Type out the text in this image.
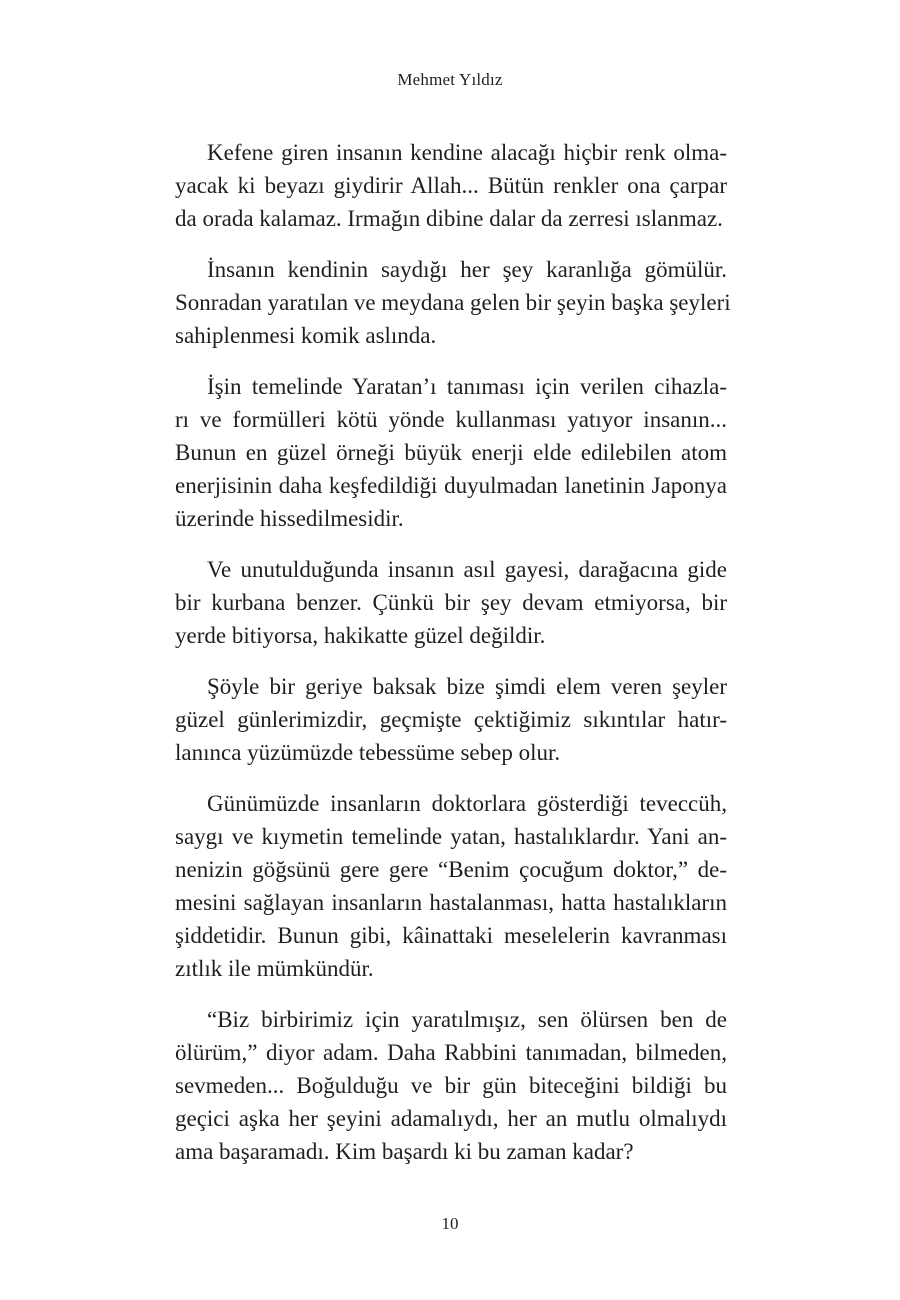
Mehmet Yıldız

Kefene giren insanın kendine alacağı hiçbir renk olma-
yacak ki beyazı giydirir Allah... Bütün renkler ona çarpar
da orada kalamaz. Irmağın dibine dalar da zerresi ıslanmaz.

İnsanın kendinin saydığı her şey karanlığa gömülür.
Sonradan yaratılan ve meydana gelen bir şeyin başka şeyleri
sahiplenmesi komik aslında.

İşin temelinde Yaratan’ı tanıması için verilen cihazla-
rı ve formülleri kötü yönde kullanması yatıyor insanın...
Bunun en güzel örneği büyük enerji elde edilebilen atom
enerjisinin daha keşfedildiği duyulmadan lanetinin Japonya
üzerinde hissedilmesidir.

Ve unutulduğunda insanın asıl gayesi, darağacına gide
bir kurbana benzer. Çünkü bir şey devam etmiyorsa, bir
yerde bitiyorsa, hakikatte güzel değildir.

Şöyle bir geriye baksak bize şimdi elem veren şeyler
güzel günlerimizdir, geçmişte çektiğimiz sıkıntılar hatır-
lanınca yüzümüzde tebessüme sebep olur.

Günümüzde insanların doktorlara gösterdiği teveccüh,
saygı ve kıymetin temelinde yatan, hastalıklardır. Yani an-
nenizin göğsünü gere gere “Benim çocuğum doktor,” de-
mesini sağlayan insanların hastalanması, hatta hastalıkların
şiddetidir. Bunun gibi, kâinattaki meselelerin kavranması
zıtlık ile mümkündür.

“Biz birbirimiz için yaratılmışız, sen ölürsen ben de
ölürüm,” diyor adam. Daha Rabbini tanımadan, bilmeden,
sevmeden... Boğulduğu ve bir gün biteceğini bildiği bu
geçici aşka her şeyini adamalıydı, her an mutlu olmalıydı
ama başaramadı. Kim başardı ki bu zaman kadar?

10
